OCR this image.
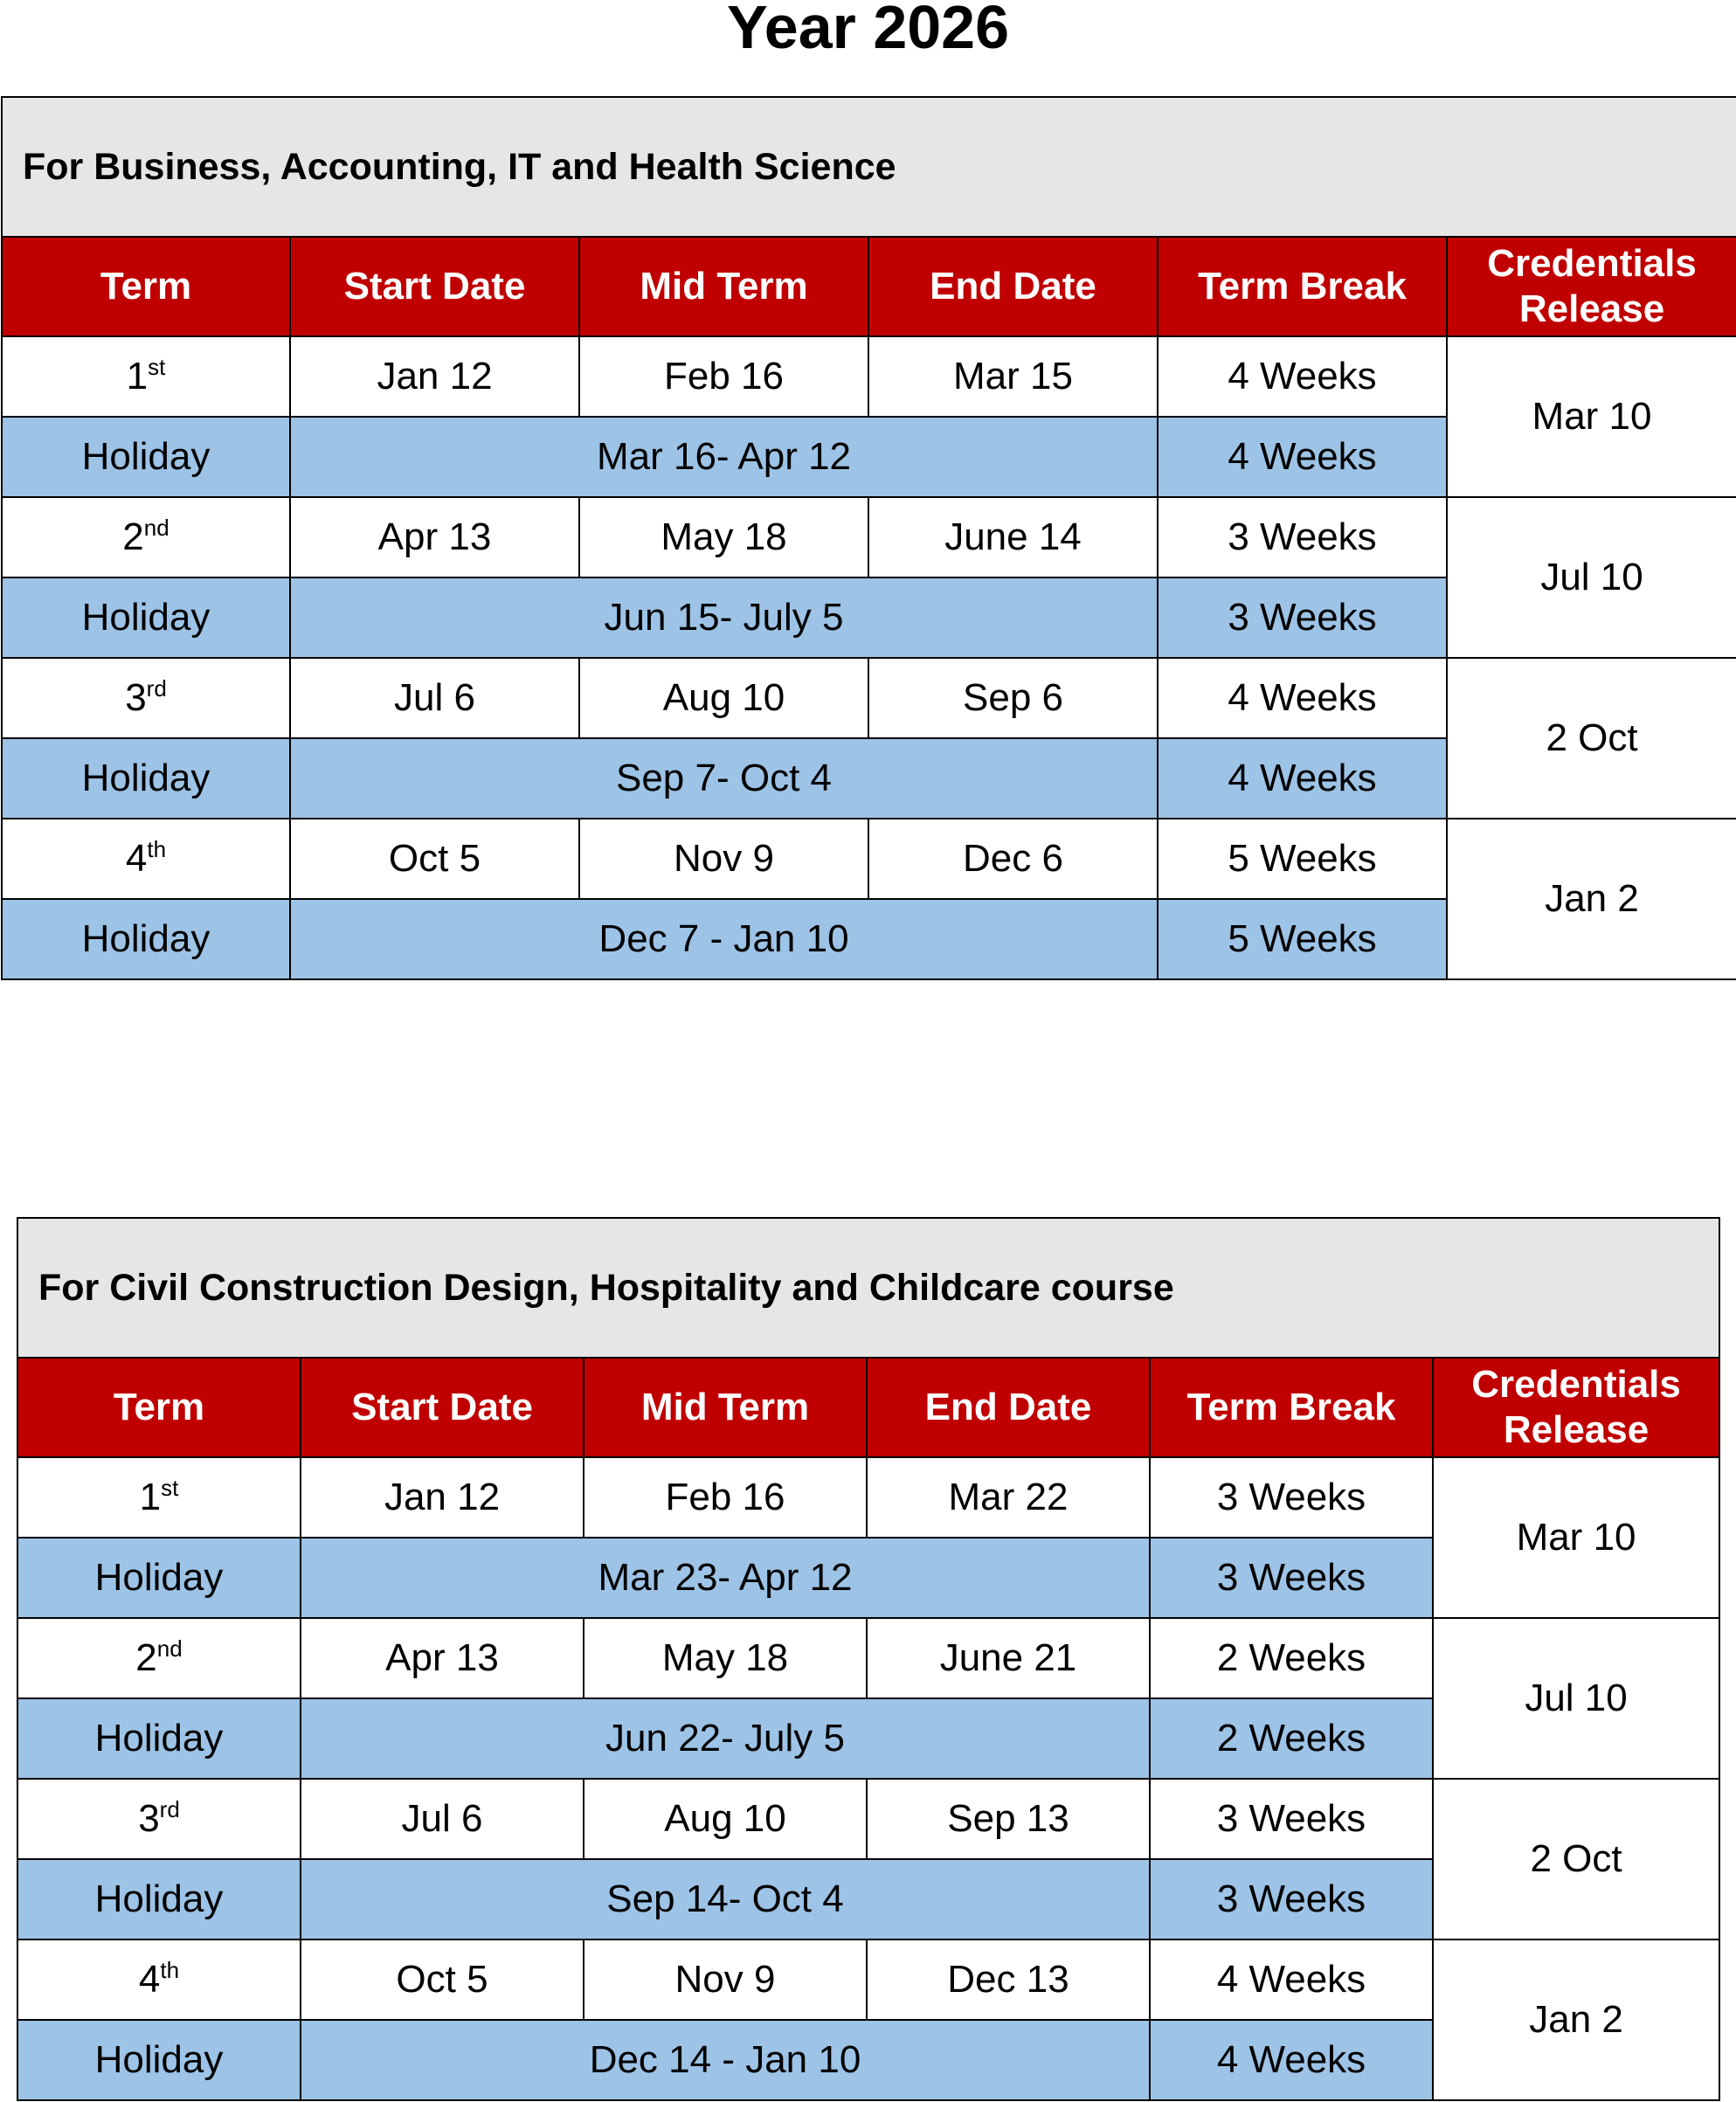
Year 2026
For Business, Accounting, IT and Health Science					
Term	Start Date	Mid Term	End Date	Term Break	Credentials Release
1st	Jan 12	Feb 16	Mar 15	4 Weeks	Mar 10
Holiday	Mar 16- Apr 12			4 Weeks	
2nd	Apr 13	May 18	June 14	3 Weeks	Jul 10
Holiday	Jun 15- July 5			3 Weeks	
3rd	Jul 6	Aug 10	Sep 6	4 Weeks	2 Oct
Holiday	Sep 7- Oct 4			4 Weeks	
4th	Oct 5	Nov 9	Dec 6	5 Weeks	Jan 2
Holiday	Dec 7 - Jan 10			5 Weeks	
For Civil Construction Design, Hospitality and Childcare course					
Term	Start Date	Mid Term	End Date	Term Break	Credentials Release
1st	Jan 12	Feb 16	Mar 22	3 Weeks	Mar 10
Holiday	Mar 23- Apr 12			3 Weeks	
2nd	Apr 13	May 18	June 21	2 Weeks	Jul 10
Holiday	Jun 22- July 5			2 Weeks	
3rd	Jul 6	Aug 10	Sep 13	3 Weeks	2 Oct
Holiday	Sep 14- Oct 4			3 Weeks	
4th	Oct 5	Nov 9	Dec 13	4 Weeks	Jan 2
Holiday	Dec 14 - Jan 10			4 Weeks	
